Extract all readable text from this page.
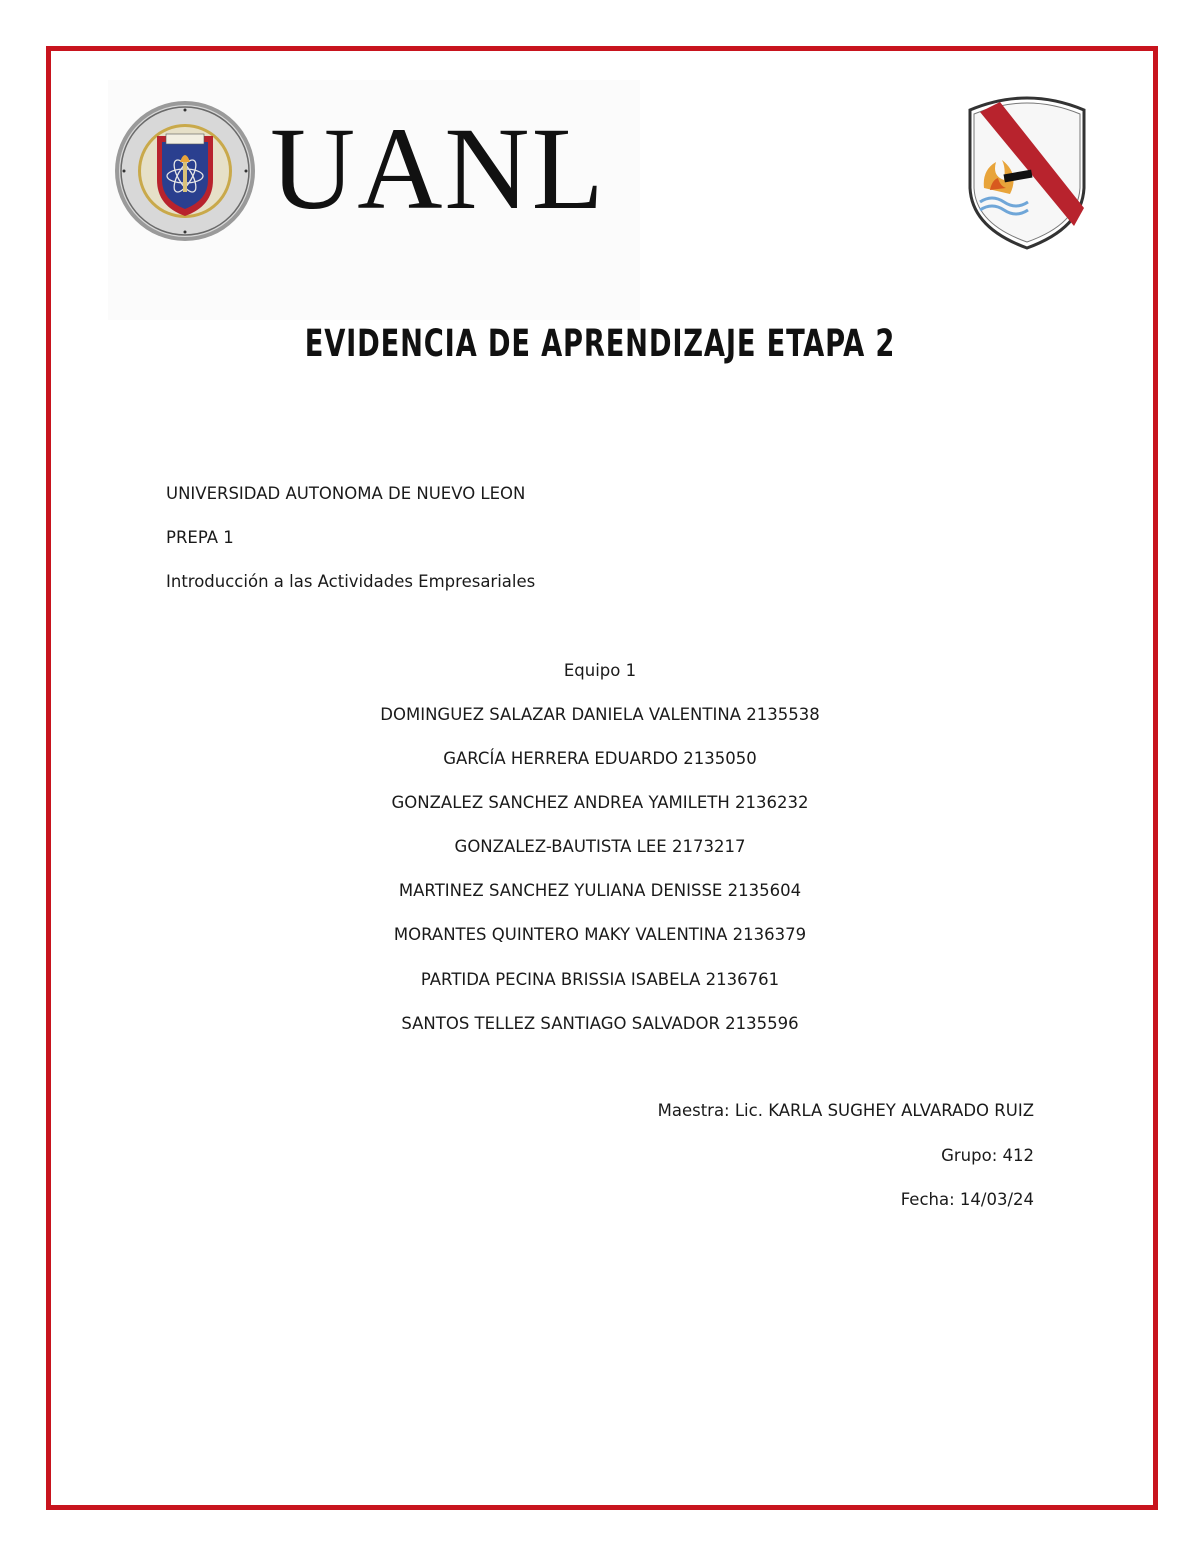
UANL
EVIDENCIA DE APRENDIZAJE ETAPA 2
UNIVERSIDAD AUTONOMA DE NUEVO LEON
PREPA 1
Introducción a las Actividades Empresariales
Equipo 1
DOMINGUEZ SALAZAR DANIELA VALENTINA 2135538
GARCÍA HERRERA EDUARDO 2135050
GONZALEZ SANCHEZ ANDREA YAMILETH 2136232
GONZALEZ-BAUTISTA LEE 2173217
MARTINEZ SANCHEZ YULIANA DENISSE 2135604
MORANTES QUINTERO MAKY VALENTINA 2136379
PARTIDA PECINA BRISSIA ISABELA 2136761
SANTOS TELLEZ SANTIAGO SALVADOR 2135596
Maestra: Lic. KARLA SUGHEY ALVARADO RUIZ
Grupo: 412
Fecha: 14/03/24
